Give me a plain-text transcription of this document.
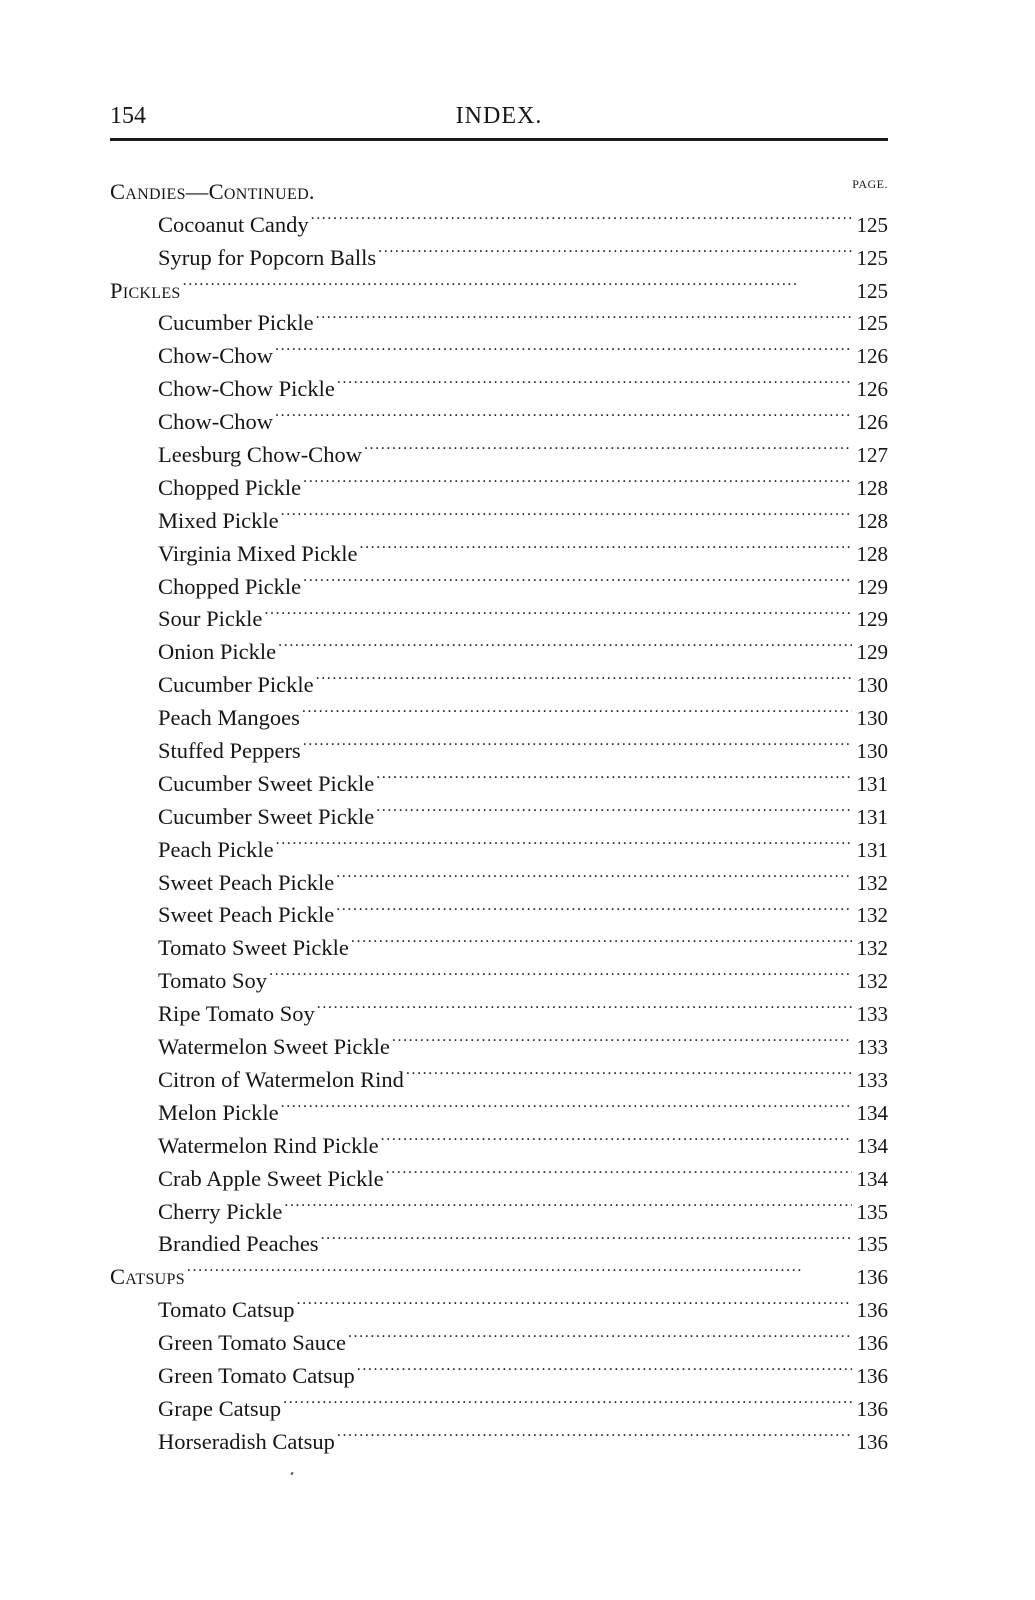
154	INDEX.
Candies—Continued.	PAGE.
Cocoanut Candy . . .	125
Syrup for Popcorn Balls . . .	125
Pickles . . .	125
Cucumber Pickle . . .	125
Chow-Chow . . .	126
Chow-Chow Pickle . . .	126
Chow-Chow . . .	126
Leesburg Chow-Chow . . .	127
Chopped Pickle . . .	128
Mixed Pickle . . .	128
Virginia Mixed Pickle . . .	128
Chopped Pickle . . .	129
Sour Pickle . . .	129
Onion Pickle . . .	129
Cucumber Pickle . . .	130
Peach Mangoes . . .	130
Stuffed Peppers . . .	130
Cucumber Sweet Pickle . . .	131
Cucumber Sweet Pickle . . .	131
Peach Pickle . . .	131
Sweet Peach Pickle . . .	132
Sweet Peach Pickle . . .	132
Tomato Sweet Pickle . . .	132
Tomato Soy . . .	132
Ripe Tomato Soy . . .	133
Watermelon Sweet Pickle . . .	133
Citron of Watermelon Rind . . .	133
Melon Pickle . . .	134
Watermelon Rind Pickle . . .	134
Crab Apple Sweet Pickle . . .	134
Cherry Pickle . . .	135
Brandied Peaches . . .	135
Catsups . . .	136
Tomato Catsup . . .	136
Green Tomato Sauce . . .	136
Green Tomato Catsup . . .	136
Grape Catsup . . .	136
Horseradish Catsup . . .	136
